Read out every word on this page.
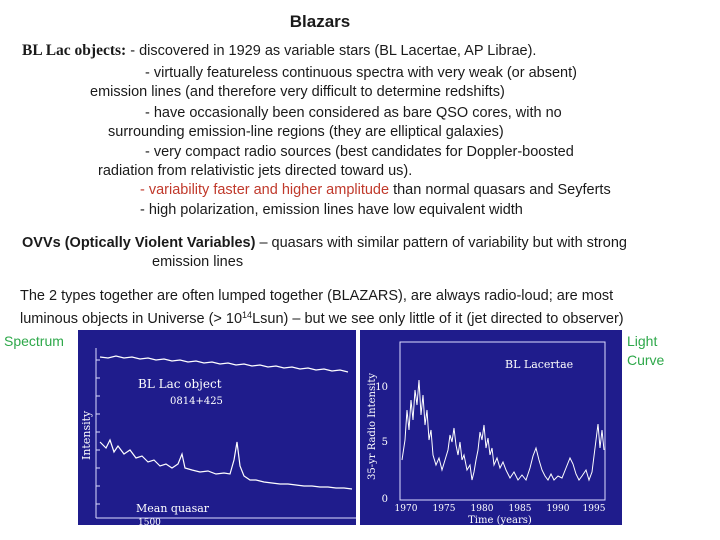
Blazars
BL Lac objects: - discovered in 1929 as variable stars (BL Lacertae, AP Librae).
- virtually featureless continuous spectra with very weak (or absent)
emission lines (and therefore very difficult to determine redshifts)
- have occasionally been considered as bare QSO cores, with no
surrounding emission-line regions (they are elliptical galaxies)
- very compact radio sources (best candidates for Doppler-boosted
radiation from relativistic jets directed toward us).
- variability faster and higher amplitude than normal quasars and Seyferts
- high polarization, emission lines have low equivalent width
OVVs (Optically Violent Variables) – quasars with similar pattern of variability but with strong
emission lines
The 2 types together are often lumped together (BLAZARS), are always radio-loud; are most
luminous objects in Universe (> $10^{14}Lsun$) – but we see only little of it (jet directed to observer)
Spectrum	Light
Curve
BL Lac object
0814+425
Mean quasar
Intensity
1500
35-yr Radio Intensity
10
5
0
BL Lacertae
1970 1975 1980 1985 1990 1995
Time (years)
